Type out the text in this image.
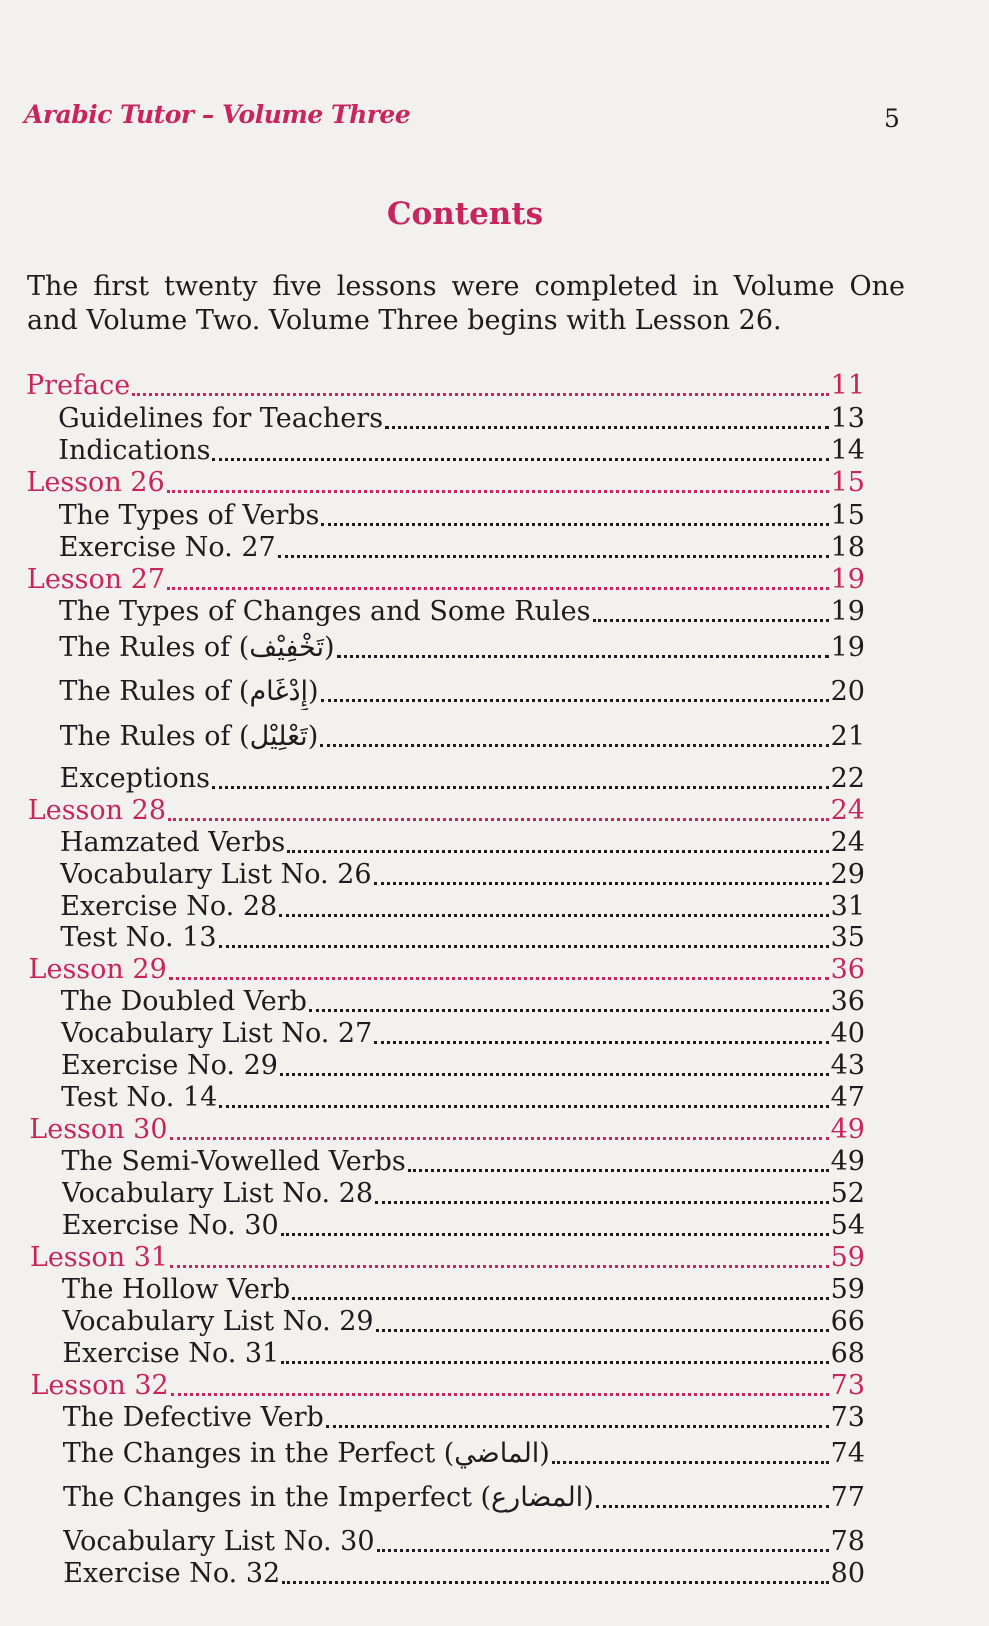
Arabic Tutor – Volume Three	5
Contents
The first twenty five lessons were completed in Volume One and Volume Two. Volume Three begins with Lesson 26.
Preface	11
Guidelines for Teachers	13
Indications	14
Lesson 26	15
The Types of Verbs	15
Exercise No. 27	18
Lesson 27	19
The Types of Changes and Some Rules	19
The Rules of (تَخْفِيْف)	19
The Rules of (إِدْغَام)	20
The Rules of (تَعْلِيْل)	21
Exceptions	22
Lesson 28	24
Hamzated Verbs	24
Vocabulary List No. 26	29
Exercise No. 28	31
Test No. 13	35
Lesson 29	36
The Doubled Verb	36
Vocabulary List No. 27	40
Exercise No. 29	43
Test No. 14	47
Lesson 30	49
The Semi-Vowelled Verbs	49
Vocabulary List No. 28	52
Exercise No. 30	54
Lesson 31	59
The Hollow Verb	59
Vocabulary List No. 29	66
Exercise No. 31	68
Lesson 32	73
The Defective Verb	73
The Changes in the Perfect (الماضي)	74
The Changes in the Imperfect (المضارع)	77
Vocabulary List No. 30	78
Exercise No. 32	80
